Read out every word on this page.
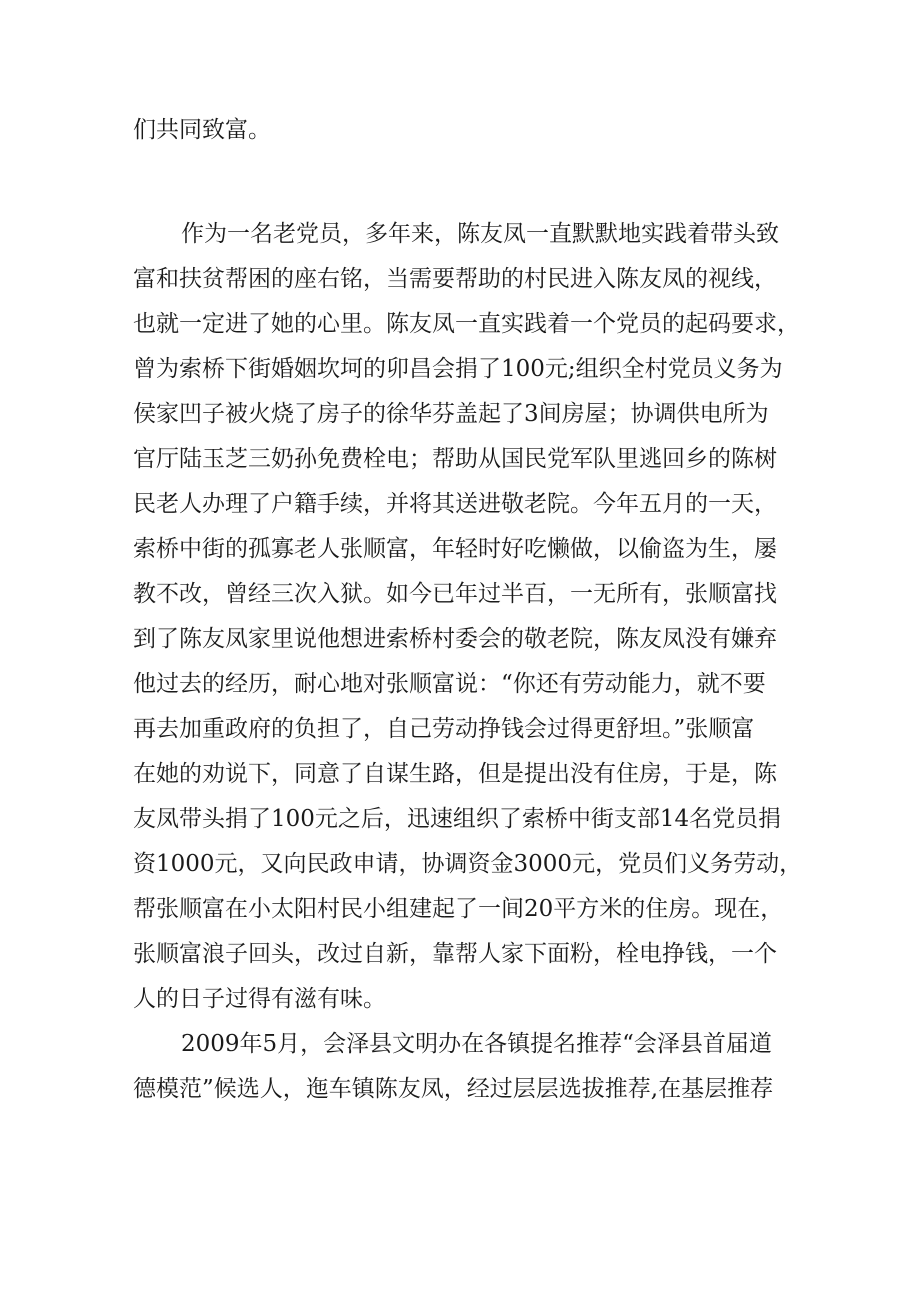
们共同致富。

作为一名老党员，多年来，陈友凤一直默默地实践着带头致

富和扶贫帮困的座右铭，当需要帮助的村民进入陈友凤的视线，

也就一定进了她的心里。陈友凤一直实践着一个党员的起码要求，

曾为索桥下街婚姻坎坷的卯昌会捐了100元;组织全村党员义务为

侯家凹子被火烧了房子的徐华芬盖起了3间房屋；协调供电所为

官厅陆玉芝三奶孙免费栓电；帮助从国民党军队里逃回乡的陈树

民老人办理了户籍手续，并将其送进敬老院。今年五月的一天，

索桥中街的孤寡老人张顺富，年轻时好吃懒做，以偷盗为生，屡

教不改，曾经三次入狱。如今已年过半百，一无所有，张顺富找

到了陈友凤家里说他想进索桥村委会的敬老院，陈友凤没有嫌弃

他过去的经历，耐心地对张顺富说：“你还有劳动能力，就不要

再去加重政府的负担了，自己劳动挣钱会过得更舒坦。”张顺富

在她的劝说下，同意了自谋生路，但是提出没有住房，于是，陈

友凤带头捐了100元之后，迅速组织了索桥中街支部14名党员捐

资1000元，又向民政申请，协调资金3000元，党员们义务劳动，

帮张顺富在小太阳村民小组建起了一间20平方米的住房。现在，

张顺富浪子回头，改过自新，靠帮人家下面粉，栓电挣钱，一个

人的日子过得有滋有味。

2009年5月，会泽县文明办在各镇提名推荐“会泽县首届道

德模范”候选人，迤车镇陈友凤，经过层层选拔推荐,在基层推荐
